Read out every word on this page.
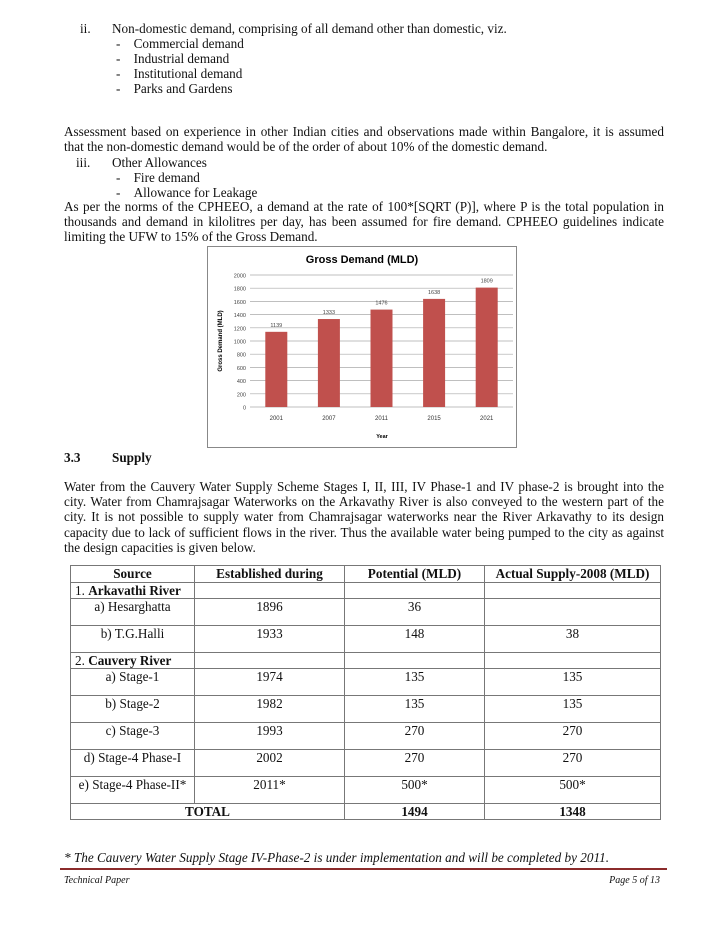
ii. Non-domestic demand, comprising of all demand other than domestic, viz.
-    Commercial demand
-    Industrial demand
-    Institutional demand
-    Parks and Gardens
Assessment based on experience in other Indian cities and observations made within Bangalore, it is assumed that the non-domestic demand would be of the order of about 10% of the domestic demand.
iii. Other Allowances
-    Fire demand
-    Allowance for Leakage
As per the norms of the CPHEEO, a demand at the rate of 100*[SQRT (P)], where P is the total population in thousands and demand in kilolitres per day, has been assumed for fire demand. CPHEEO guidelines indicate limiting the UFW to 15% of the Gross Demand.
Gross Demand (MLD)
0
200
400
600
800
1000
1200
1400
1600
1800
2000
1139
2001
1333
2007
1476
2011
1638
2015
1809
2021
Year
Gross Demand (MLD)
3.3 Supply
Water from the Cauvery Water Supply Scheme Stages I, II, III, IV Phase-1 and IV phase-2 is brought into the city. Water from Chamrajsagar Waterworks on the Arkavathy River is also conveyed to the western part of the city. It is not possible to supply water from Chamrajsagar waterworks near the River Arkavathy to its design capacity due to lack of sufficient flows in the river. Thus the available water being pumped to the city as against the design capacities is given below.
Source	Established during	Potential (MLD)	Actual Supply-2008 (MLD)
1. Arkavathi River			
a) Hesarghatta	1896	36	
b) T.G.Halli	1933	148	38
2. Cauvery River			
a) Stage-1	1974	135	135
b) Stage-2	1982	135	135
c) Stage-3	1993	270	270
d) Stage-4 Phase-I	2002	270	270
e) Stage-4 Phase-II*	2011*	500*	500*
TOTAL		1494	1348
* The Cauvery Water Supply Stage IV-Phase-2 is under implementation and will be completed by 2011.
Technical Paper	Page 5 of 13
